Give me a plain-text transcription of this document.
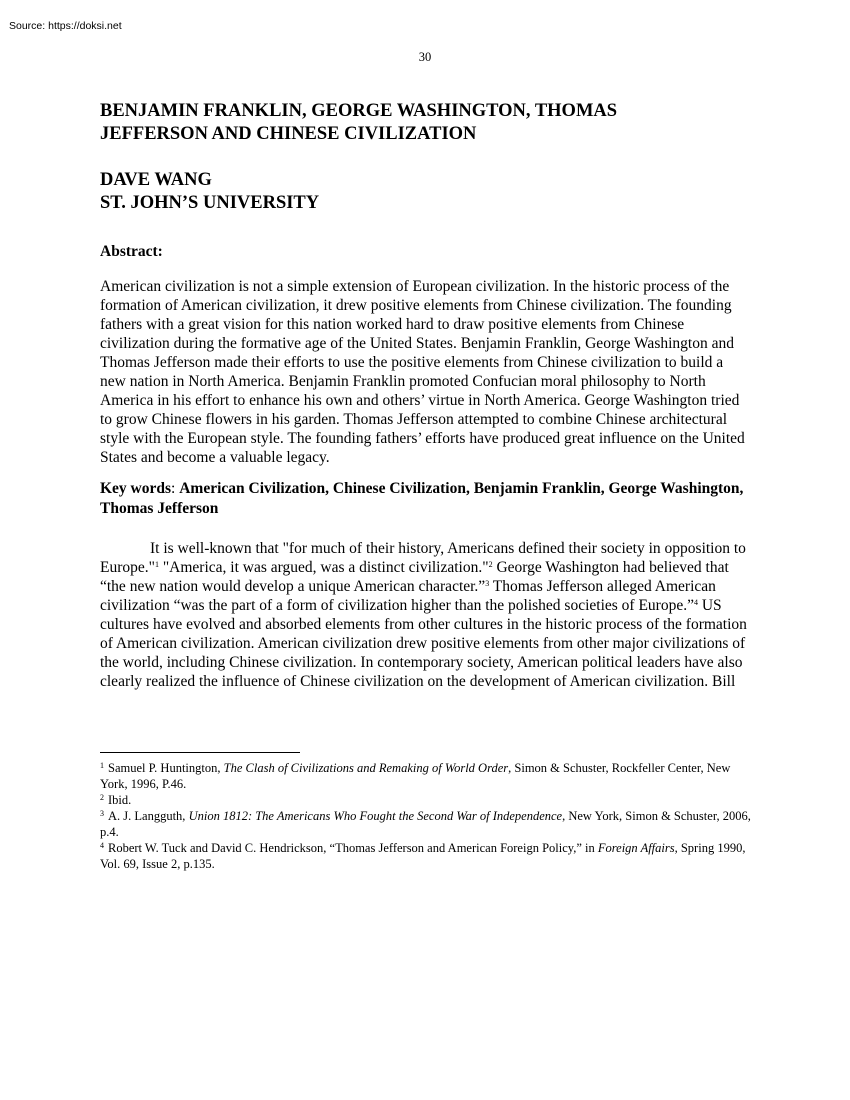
Source: https://doksi.net
30
BENJAMIN FRANKLIN, GEORGE WASHINGTON, THOMAS
JEFFERSON AND CHINESE CIVILIZATION
DAVE WANG
ST. JOHN’S UNIVERSITY
Abstract:

American civilization is not a simple extension of European civilization. In the historic process of the formation of American civilization, it drew positive elements from Chinese civilization. The founding fathers with a great vision for this nation worked hard to draw positive elements from Chinese civilization during the formative age of the United States. Benjamin Franklin, George Washington and Thomas Jefferson made their efforts to use the positive elements from Chinese civilization to build a new nation in North America. Benjamin Franklin promoted Confucian moral philosophy to North America in his effort to enhance his own and others’ virtue in North America. George Washington tried to grow Chinese flowers in his garden. Thomas Jefferson attempted to combine Chinese architectural style with the European style. The founding fathers’ efforts have produced great influence on the United States and become a valuable legacy.

Key words: American Civilization, Chinese Civilization, Benjamin Franklin, George Washington, Thomas Jefferson

It is well-known that "for much of their history, Americans defined their society in opposition to Europe."$^1$ "America, it was argued, was a distinct civilization."$^2$ George Washington had believed that “the new nation would develop a unique American character.”$^3$ Thomas Jefferson alleged American civilization “was the part of a form of civilization higher than the polished societies of Europe.”$^4$ US cultures have evolved and absorbed elements from other cultures in the historic process of the formation of American civilization. American civilization drew positive elements from other major civilizations of the world, including Chinese civilization. In contemporary society, American political leaders have also clearly realized the influence of Chinese civilization on the development of American civilization. Bill

$^1$ Samuel P. Huntington, The Clash of Civilizations and Remaking of World Order, Simon & Schuster, Rockfeller Center, New York, 1996, P.46.

$^2$ Ibid.

$^3$ A. J. Langguth, Union 1812: The Americans Who Fought the Second War of Independence, New York, Simon & Schuster, 2006, p.4.

$^4$ Robert W. Tuck and David C. Hendrickson, “Thomas Jefferson and American Foreign Policy,” in Foreign Affairs, Spring 1990, Vol. 69, Issue 2, p.135.
